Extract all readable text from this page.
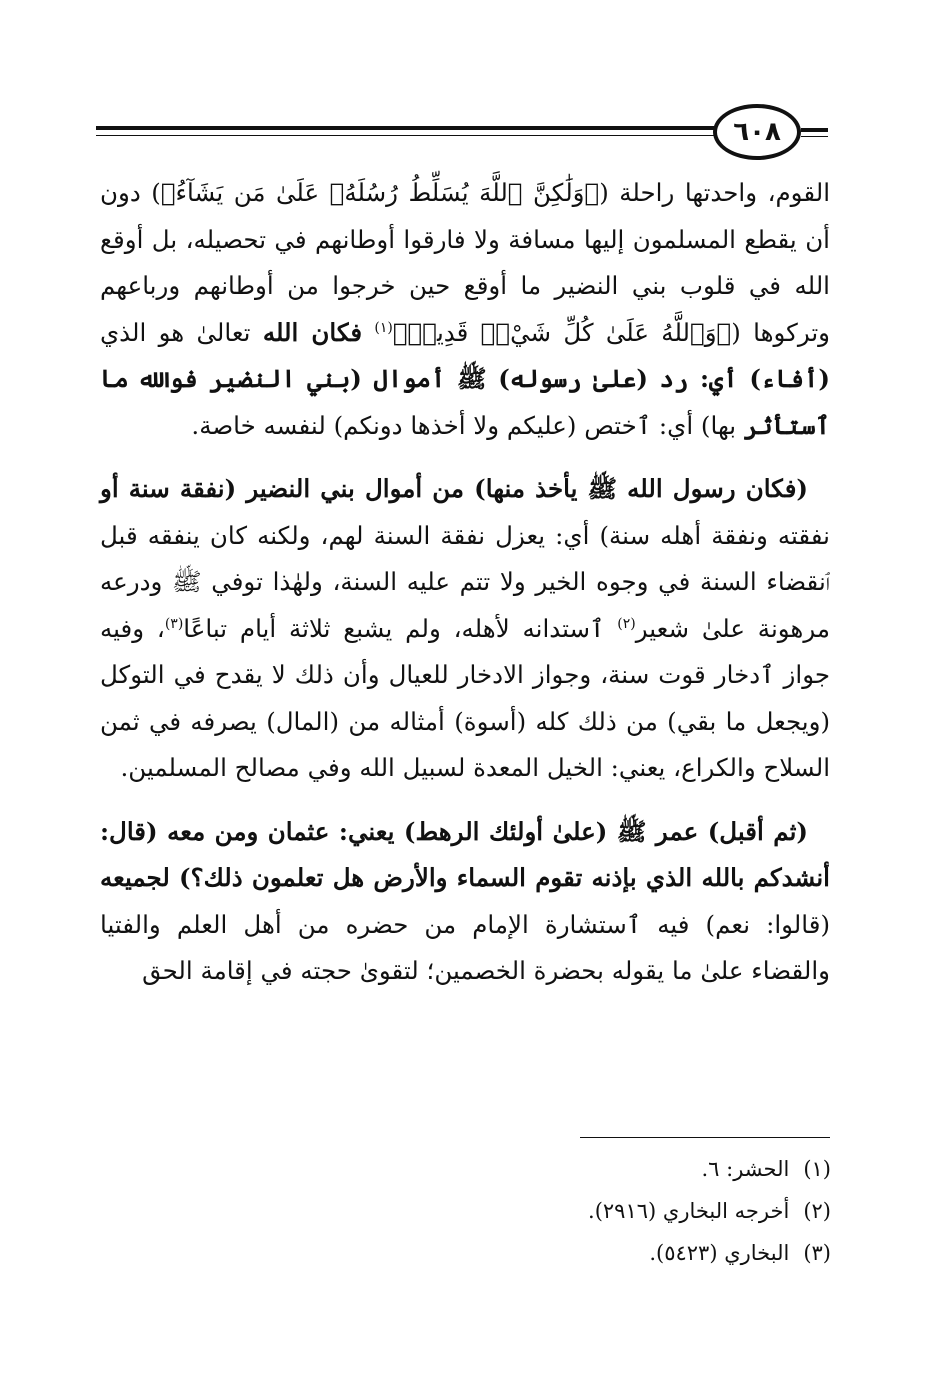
٦٠٨

القوم، واحدتها راحلة (﴿وَلَٰكِنَّ ٱللَّهَ يُسَلِّطُ رُسُلَهُۥ عَلَىٰ مَن يَشَآءُ﴾) دون أن يقطع المسلمون إليها مسافة ولا فارقوا أوطانهم في تحصيله، بل أوقع الله في قلوب بني النضير ما أوقع حين خرجوا من أوطانهم ورباعهم وتركوها (﴿وَٱللَّهُ عَلَىٰ كُلِّ شَيْءٖ قَدِيرٞ﴾$^{(١)}$ فكان الله تعالىٰ هو الذي (أفاء) أي: رد (علىٰ رسوله) ﷺ أموال (بني النضير فوالله ما ٱستأثر بها) أي: ٱختص (عليكم ولا أخذها دونكم) لنفسه خاصة.

(فكان رسول الله ﷺ يأخذ منها) من أموال بني النضير (نفقة سنة أو نفقته ونفقة أهله سنة) أي: يعزل نفقة السنة لهم، ولكنه كان ينفقه قبل ٱنقضاء السنة في وجوه الخير ولا تتم عليه السنة، ولهٰذا توفي ﷺ ودرعه مرهونة علىٰ شعير$^{(٢)}$ ٱستدانه لأهله، ولم يشبع ثلاثة أيام تباعًا$^{(٣)}$، وفيه جواز ٱدخار قوت سنة، وجواز الادخار للعيال وأن ذلك لا يقدح في التوكل (ويجعل ما بقي) من ذلك كله (أسوة) أمثاله من (المال) يصرفه في ثمن السلاح والكراع، يعني: الخيل المعدة لسبيل الله وفي مصالح المسلمين.

(ثم أقبل) عمر ﷺ (علىٰ أولئك الرهط) يعني: عثمان ومن معه (قال: أنشدكم بالله الذي بإذنه تقوم السماء والأرض هل تعلمون ذلك؟) لجميعه (قالوا: نعم) فيه ٱستشارة الإمام من حضره من أهل العلم والفتيا والقضاء علىٰ ما يقوله بحضرة الخصمين؛ لتقوىٰ حجته في إقامة الحق

(١)الحشر: ٦.

(٢)أخرجه البخاري (٢٩١٦).

(٣)البخاري (٥٤٢٣).
